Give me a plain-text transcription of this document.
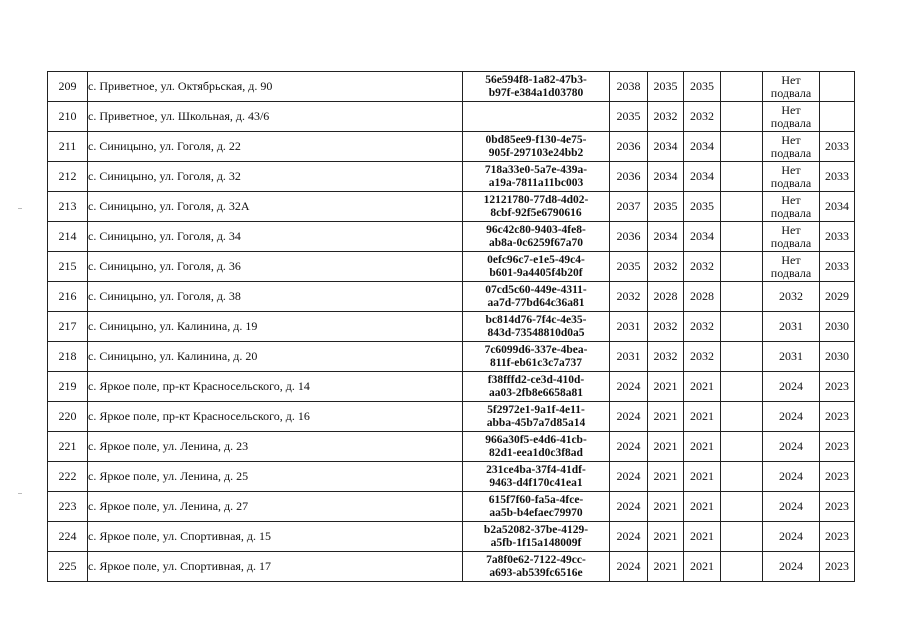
209	с. Приветное, ул. Октябрьская, д. 90	56e594f8-1a82-47b3-
b97f-e384a1d03780	2038	2035	2035		Нет
подвала	

210	с. Приветное, ул. Школьная, д. 43/6		2035	2032	2032		Нет
подвала	

211	с. Синицыно, ул. Гоголя, д. 22	0bd85ee9-f130-4e75-
905f-297103e24bb2	2036	2034	2034		Нет
подвала	2033
212	с. Синицыно, ул. Гоголя, д. 32	718a33e0-5a7e-439a-
a19a-7811a11bc003	2036	2034	2034		Нет
подвала	2033
213	с. Синицыно, ул. Гоголя, д. 32А	12121780-77d8-4d02-
8cbf-92f5e6790616	2037	2035	2035		Нет
подвала	2034
214	с. Синицыно, ул. Гоголя, д. 34	96c42c80-9403-4fe8-
ab8a-0c6259f67a70	2036	2034	2034		Нет
подвала	2033
215	с. Синицыно, ул. Гоголя, д. 36	0efc96c7-e1e5-49c4-
b601-9a4405f4b20f	2035	2032	2032		Нет
подвала	2033
216	с. Синицыно, ул. Гоголя, д. 38	07cd5c60-449e-4311-
aa7d-77bd64c36a81	2032	2028	2028		2032	2029
217	с. Синицыно, ул. Калинина, д. 19	bc814d76-7f4c-4e35-
843d-73548810d0a5	2031	2032	2032		2031	2030
218	с. Синицыно, ул. Калинина, д. 20	7c6099d6-337e-4bea-
811f-eb61c3c7a737	2031	2032	2032		2031	2030
219	с. Яркое поле, пр-кт Красносельского, д. 14	f38fffd2-ce3d-410d-
aa03-2fb8e6658a81	2024	2021	2021		2024	2023
220	с. Яркое поле, пр-кт Красносельского, д. 16	5f2972e1-9a1f-4e11-
abba-45b7a7d85a14	2024	2021	2021		2024	2023
221	с. Яркое поле, ул. Ленина, д. 23	966a30f5-e4d6-41cb-
82d1-eea1d0c3f8ad	2024	2021	2021		2024	2023
222	с. Яркое поле, ул. Ленина, д. 25	231ce4ba-37f4-41df-
9463-d4f170c41ea1	2024	2021	2021		2024	2023
223	с. Яркое поле, ул. Ленина, д. 27	615f7f60-fa5a-4fce-
aa5b-b4efaec79970	2024	2021	2021		2024	2023
224	с. Яркое поле, ул. Спортивная, д. 15	b2a52082-37be-4129-
a5fb-1f15a148009f	2024	2021	2021		2024	2023
225	с. Яркое поле, ул. Спортивная, д. 17	7a8f0e62-7122-49cc-
a693-ab539fc6516e	2024	2021	2021		2024	2023
